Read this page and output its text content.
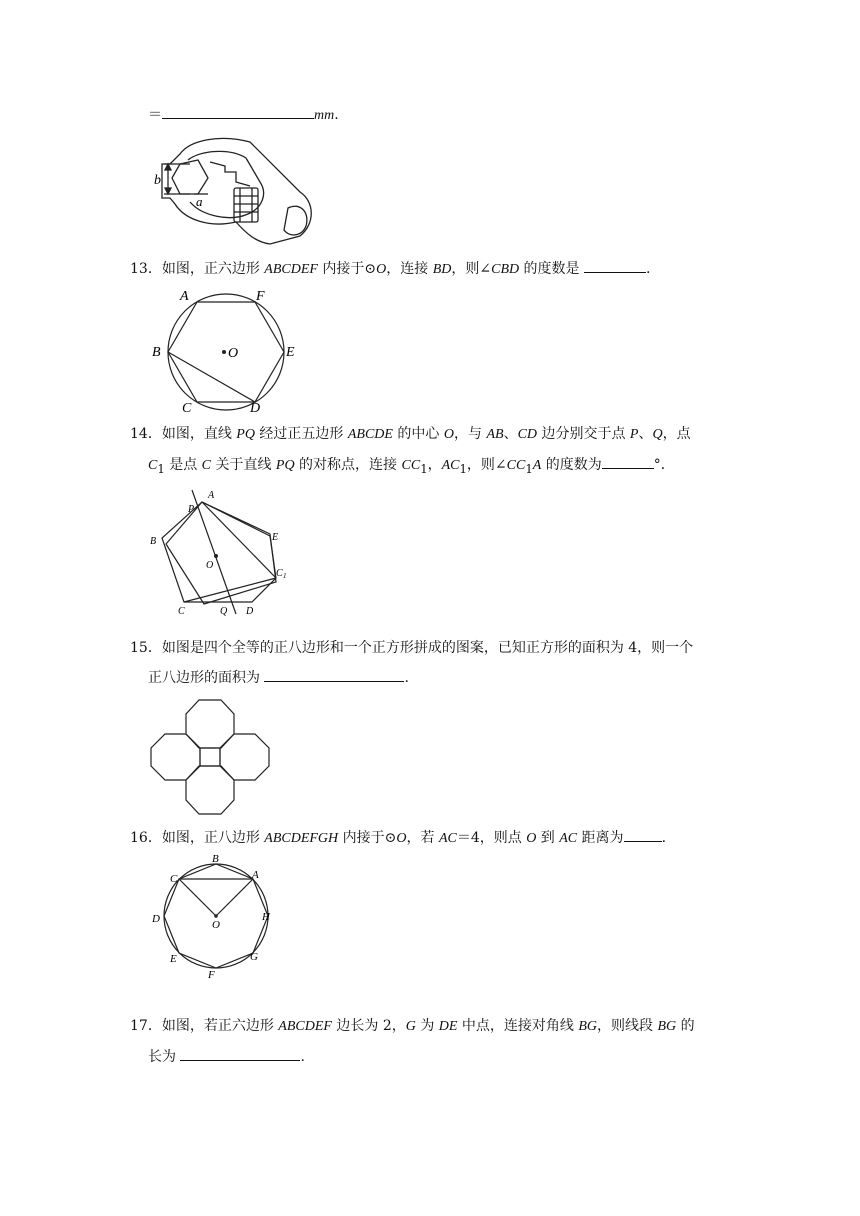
＝	mm.
b
a
13．如图，正六边形 ABCDEF 内接于⊙O，连接 BD，则∠CBD 的度数是	.
A	F
B	O	E
C	D
14．如图，直线 PQ 经过正五边形 ABCDE 的中心 O，与 AB、CD 边分别交于点 P、Q，点
$C_1$ 是点 C 关于直线 PQ 的对称点，连接 $CC_1$，$AC_1$，则$\angle CC_1A$ 的度数为	°．
A
P
B	E
O
C 1
C	Q D
15．如图是四个全等的正八边形和一个正方形拼成的图案，已知正方形的面积为 4，则一个
正八边形的面积为	.
16．如图，正八边形 ABCDEFGH 内接于⊙O，若 AC＝4，则点 O 到 AC 距离为	.
B
A
C
D	H
O
E	G
F
17．如图，若正六边形 ABCDEF 边长为 2，G 为 DE 中点，连接对角线 BG，则线段 BG 的
长为	.
